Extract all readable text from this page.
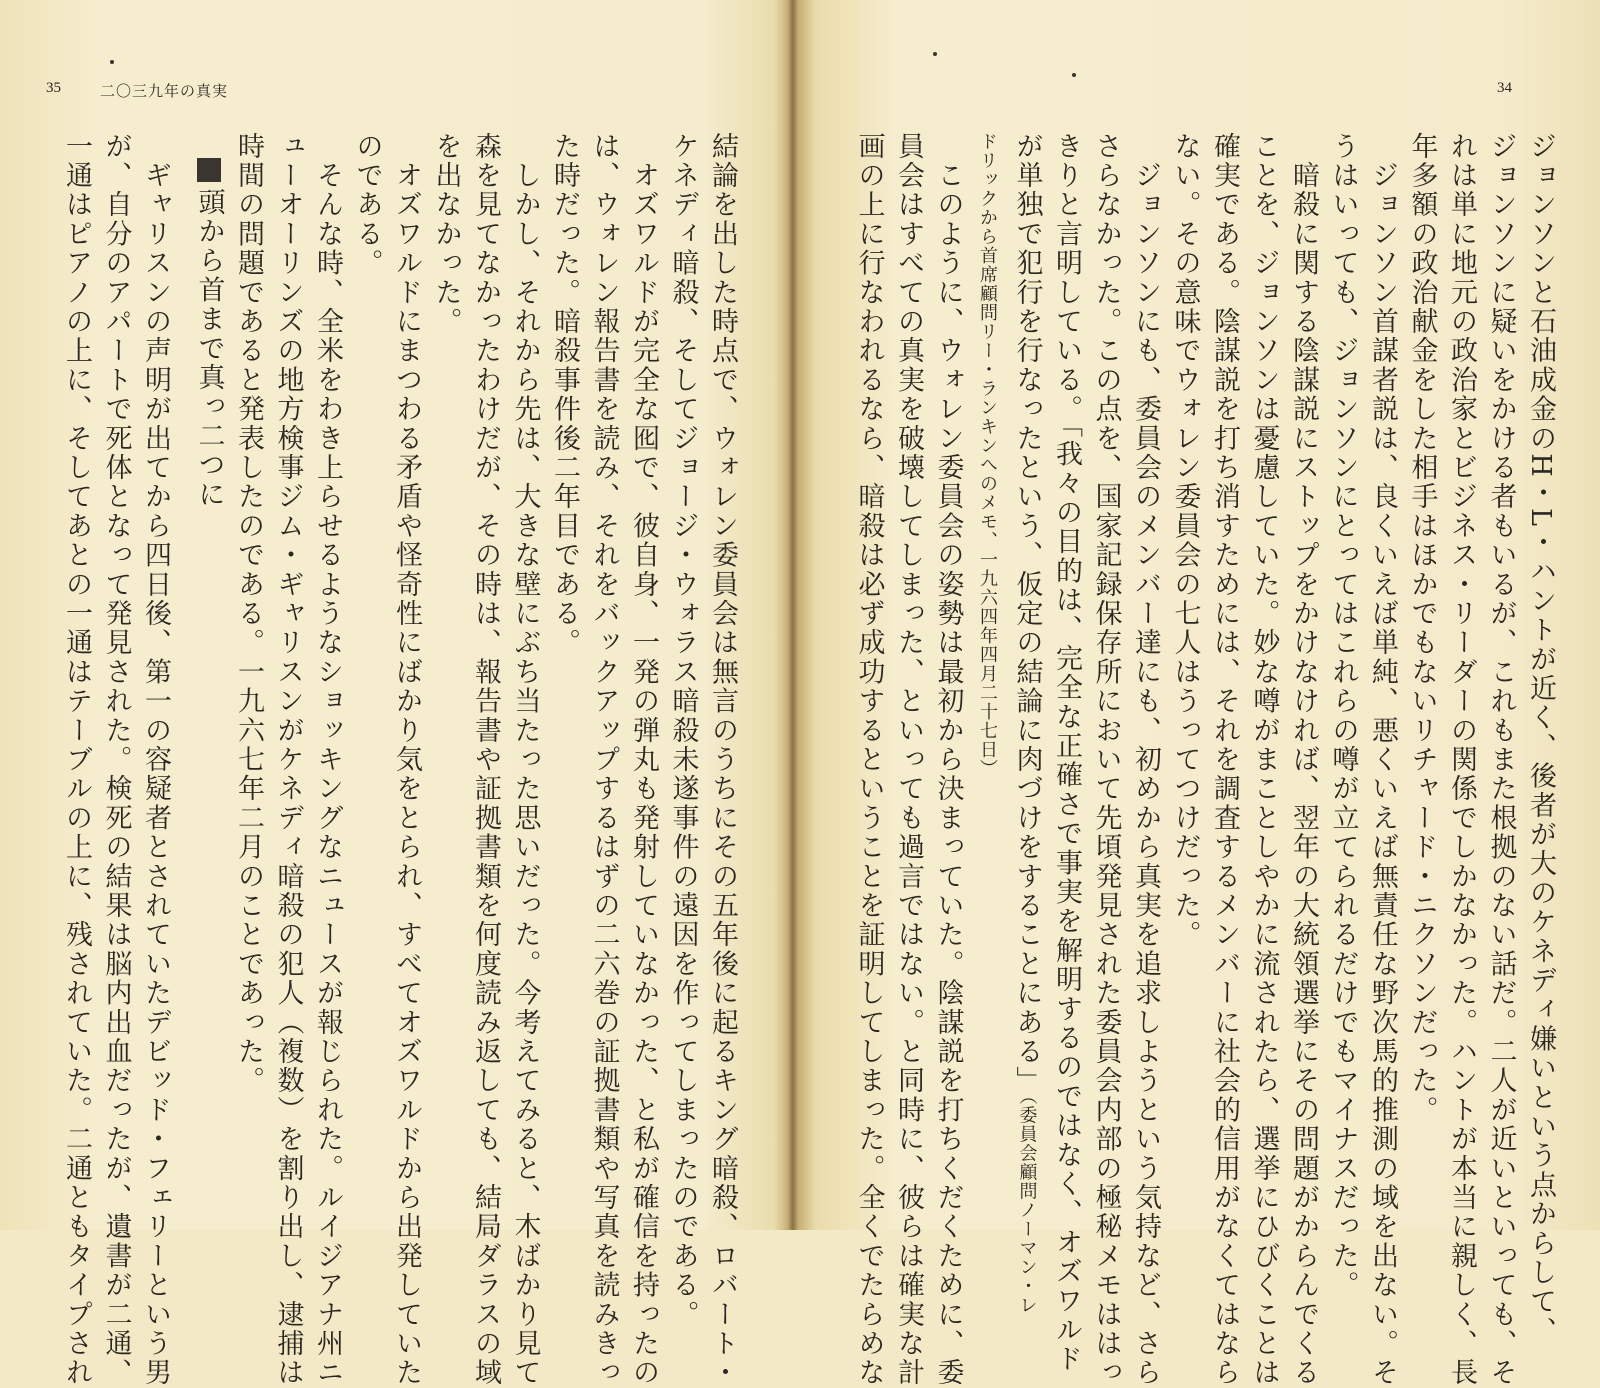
35	二〇三九年の真実

結論を出した時点で、ウォレン委員会は無言のうちにその五年後に起るキング暗殺、ロバート・

ケネディ暗殺、そしてジョージ・ウォラス暗殺未遂事件の遠因を作ってしまったのである。

　オズワルドが完全な囮で、彼自身、一発の弾丸も発射していなかった、と私が確信を持ったの

は、ウォレン報告書を読み、それをバックアップするはずの二六巻の証拠書類や写真を読みきっ

た時だった。暗殺事件後二年目である。

　しかし、それから先は、大きな壁にぶち当たった思いだった。今考えてみると、木ばかり見て

森を見てなかったわけだが、その時は、報告書や証拠書類を何度読み返しても、結局ダラスの域

を出なかった。

　オズワルドにまつわる矛盾や怪奇性にばかり気をとられ、すべてオズワルドから出発していた

のである。

　そんな時、全米をわき上らせるようなショッキングなニュースが報じられた。ルイジアナ州ニ

ューオーリンズの地方検事ジム・ギャリスンがケネディ暗殺の犯人（複数）を割り出し、逮捕は

時間の問題であると発表したのである。一九六七年二月のことであった。

頭から首まで真っ二つに

　ギャリスンの声明が出てから四日後、第一の容疑者とされていたデビッド・フェリーという男

が、自分のアパートで死体となって発見された。検死の結果は脳内出血だったが、遺書が二通、

一通はピアノの上に、そしてあとの一通はテーブルの上に、残されていた。二通ともタイプされ

34

ジョンソンと石油成金のH・L・ハントが近く、後者が大のケネディ嫌いという点からして、

ジョンソンに疑いをかける者もいるが、これもまた根拠のない話だ。二人が近いといっても、そ

れは単に地元の政治家とビジネス・リーダーの関係でしかなかった。ハントが本当に親しく、長

年多額の政治献金をした相手はほかでもないリチャード・ニクソンだった。

　ジョンソン首謀者説は、良くいえば単純、悪くいえば無責任な野次馬的推測の域を出ない。そ

うはいっても、ジョンソンにとってはこれらの噂が立てられるだけでもマイナスだった。

　暗殺に関する陰謀説にストップをかけなければ、翌年の大統領選挙にその問題がからんでくる

ことを、ジョンソンは憂慮していた。妙な噂がまことしやかに流されたら、選挙にひびくことは

確実である。陰謀説を打ち消すためには、それを調査するメンバーに社会的信用がなくてはなら

ない。その意味でウォレン委員会の七人はうってつけだった。

　ジョンソンにも、委員会のメンバー達にも、初めから真実を追求しようという気持など、さら

さらなかった。この点を、国家記録保存所において先頃発見された委員会内部の極秘メモははっ

きりと言明している。「我々の目的は、完全な正確さで事実を解明するのではなく、オズワルド

が単独で犯行を行なったという、仮定の結論に肉づけをすることにある」（委員会顧問ノーマン・レ

ドリックから首席顧問リー・ランキンへのメモ、一九六四年四月二十七日）

　このように、ウォレン委員会の姿勢は最初から決まっていた。陰謀説を打ちくだくために、委

員会はすべての真実を破壊してしまった、といっても過言ではない。と同時に、彼らは確実な計

画の上に行なわれるなら、暗殺は必ず成功するということを証明してしまった。全くでたらめな
